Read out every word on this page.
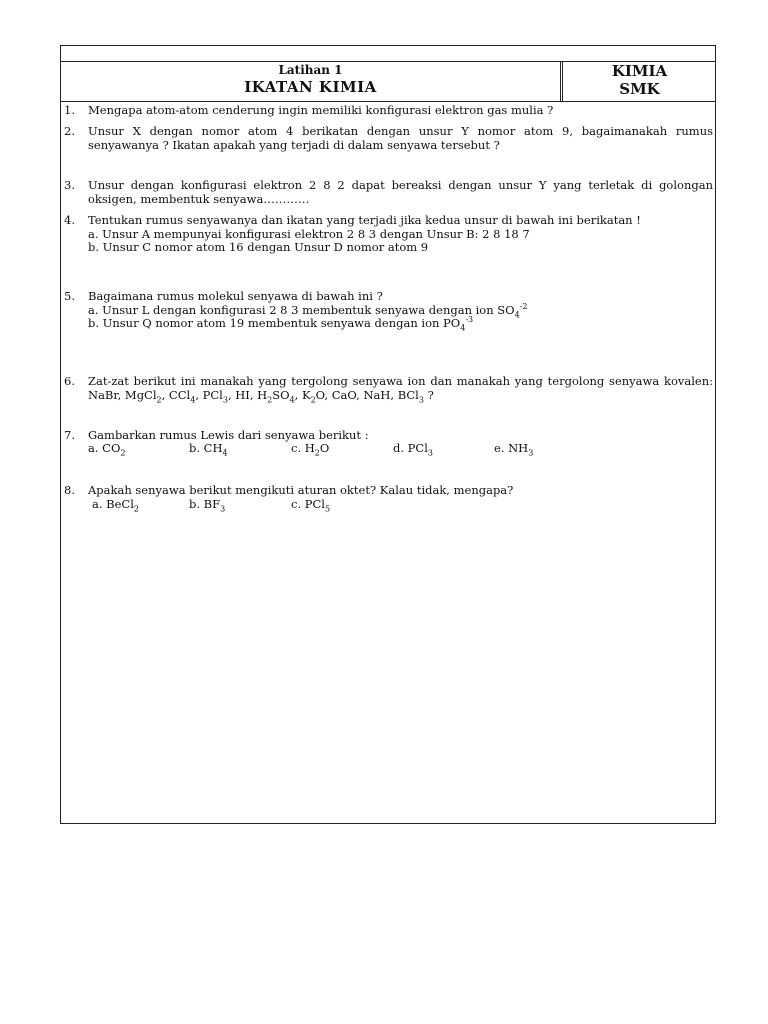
Latihan 1
IKATAN KIMIA
KIMIA
SMK
1. Mengapa atom-atom cenderung ingin memiliki konfigurasi elektron gas mulia ?
2. Unsur X dengan nomor atom 4 berikatan dengan unsur Y nomor atom 9, bagaimanakah rumus senyawanya ? Ikatan apakah yang terjadi di dalam senyawa tersebut ?
3. Unsur dengan konfigurasi elektron 2 8 2 dapat bereaksi dengan unsur Y yang terletak di golongan oksigen, membentuk senyawa…………
4. Tentukan rumus senyawanya dan ikatan yang terjadi jika kedua unsur di bawah ini berikatan !
a. Unsur A mempunyai konfigurasi elektron 2 8 3 dengan Unsur B: 2 8 18 7
b. Unsur C nomor atom 16 dengan Unsur D nomor atom 9
5. Bagaimana rumus molekul senyawa di bawah ini ?
a. Unsur L dengan konfigurasi 2 8 3 membentuk senyawa dengan ion $SO_4^{-2}$
b. Unsur Q nomor atom 19 membentuk senyawa dengan ion $PO_4^{-3}$
6. Zat-zat berikut ini manakah yang tergolong senyawa ion dan manakah yang tergolong senyawa kovalen: NaBr, MgCl$_2$, CCl$_4$, PCl$_3$, HI, $H_2SO_4$, $K_2O$, CaO, NaH, BCl$_3$ ?
7. Gambarkan rumus Lewis dari senyawa berikut :
a. $CO_2$	b. $CH_4$	c. $H_2O$	d. PCl$_3$	e. $NH_3$
8. Apakah senyawa berikut mengikuti aturan oktet? Kalau tidak, mengapa?
a. BeCl$_2$	b. $BF_3$	c. PCl$_5$
